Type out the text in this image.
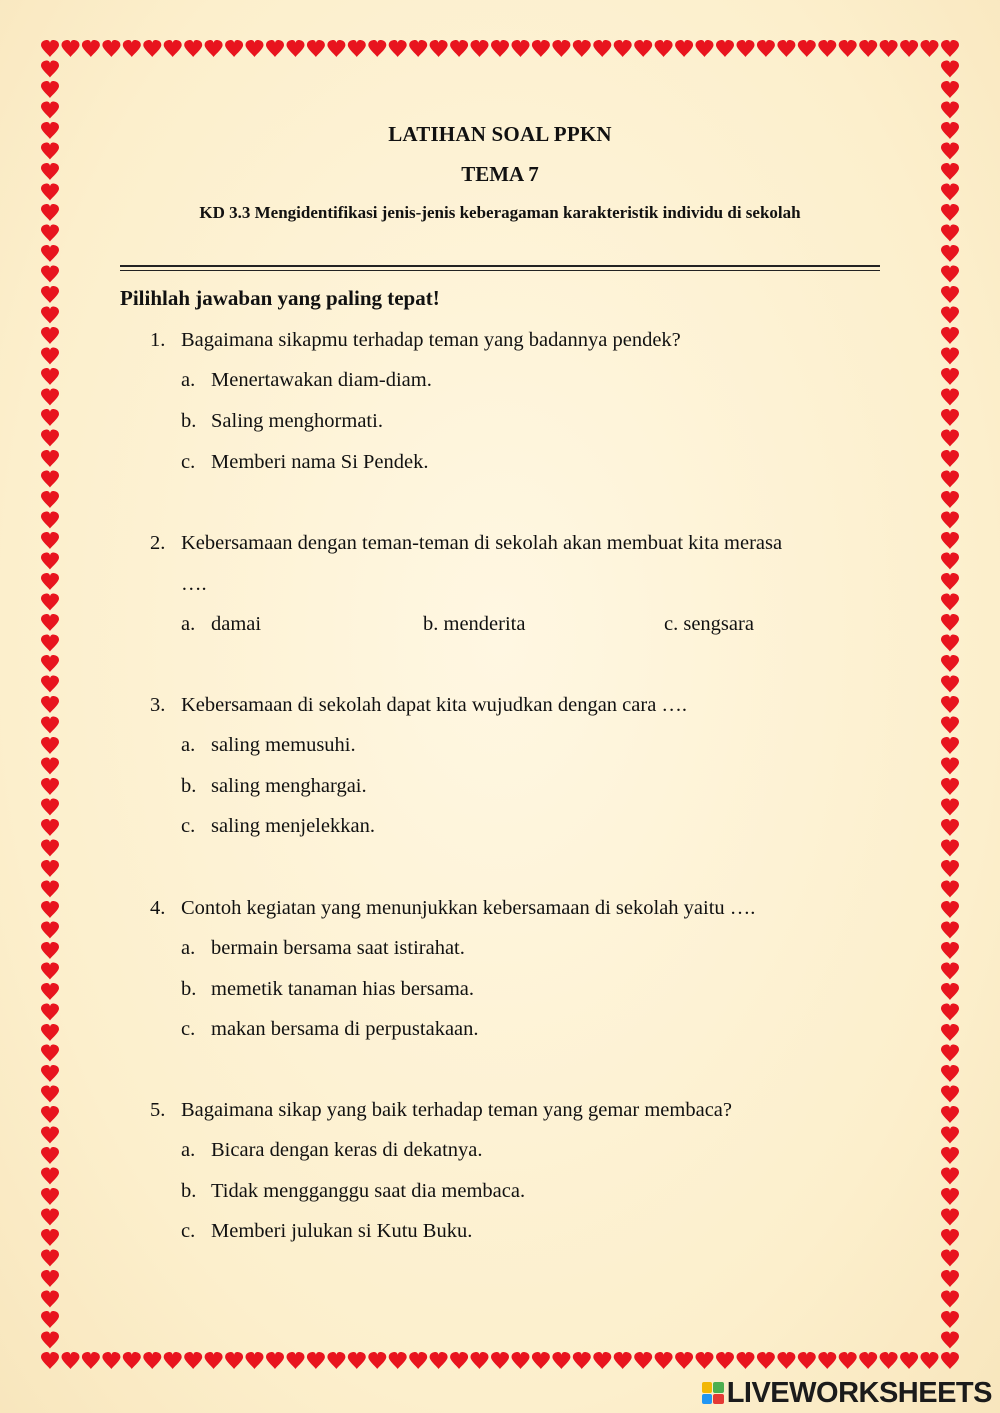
LATIHAN SOAL PPKN
TEMA 7
KD 3.3 Mengidentifikasi jenis-jenis keberagaman karakteristik individu di sekolah
Pilihlah jawaban yang paling tepat!
1. Bagaimana sikapmu terhadap teman yang badannya pendek?
a. Menertawakan diam-diam.
b. Saling menghormati.
c. Memberi nama Si Pendek.
2. Kebersamaan dengan teman-teman di sekolah akan membuat kita merasa
….
a. damai	b. menderita	c. sengsara
3. Kebersamaan di sekolah dapat kita wujudkan dengan cara ….
a. saling memusuhi.
b. saling menghargai.
c. saling menjelekkan.
4. Contoh kegiatan yang menunjukkan kebersamaan di sekolah yaitu ….
a. bermain bersama saat istirahat.
b. memetik tanaman hias bersama.
c. makan bersama di perpustakaan.
5. Bagaimana sikap yang baik terhadap teman yang gemar membaca?
a. Bicara dengan keras di dekatnya.
b. Tidak mengganggu saat dia membaca.
c. Memberi julukan si Kutu Buku.
LIVEWORKSHEETS
